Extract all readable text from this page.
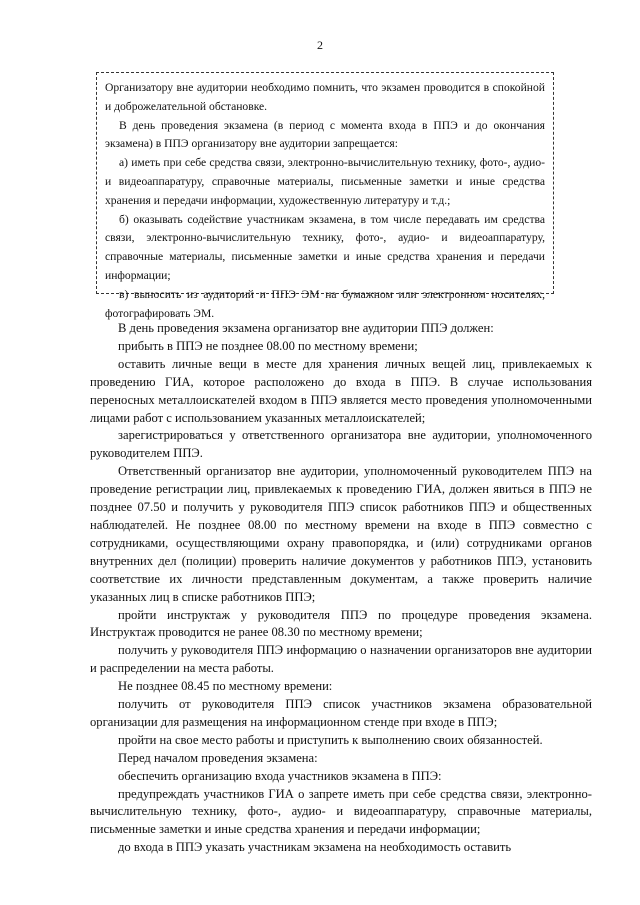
2

Организатору вне аудитории необходимо помнить, что экзамен проводится в спокойной и доброжелательной обстановке.

В день проведения экзамена (в период с момента входа в ППЭ и до окончания экзамена) в ППЭ организатору вне аудитории запрещается:

а) иметь при себе средства связи, электронно-вычислительную технику, фото-, аудио- и видеоаппаратуру, справочные материалы, письменные заметки и иные средства хранения и передачи информации, художественную литературу и т.д.;

б) оказывать содействие участникам экзамена, в том числе передавать им средства связи, электронно-вычислительную технику, фото-, аудио- и видеоаппаратуру, справочные материалы, письменные заметки и иные средства хранения и передачи информации;

в) выносить из аудиторий и ППЭ ЭМ на бумажном или электронном носителях, фотографировать ЭМ.

В день проведения экзамена организатор вне аудитории ППЭ должен:

прибыть в ППЭ не позднее 08.00 по местному времени;

оставить личные вещи в месте для хранения личных вещей лиц, привлекаемых к проведению ГИА, которое расположено до входа в ППЭ. В случае использования переносных металлоискателей входом в ППЭ является место проведения уполномоченными лицами работ с использованием указанных металлоискателей;

зарегистрироваться у ответственного организатора вне аудитории, уполномоченного руководителем ППЭ.

Ответственный организатор вне аудитории, уполномоченный руководителем ППЭ на проведение регистрации лиц, привлекаемых к проведению ГИА, должен явиться в ППЭ не позднее 07.50 и получить у руководителя ППЭ список работников ППЭ и общественных наблюдателей. Не позднее 08.00 по местному времени на входе в ППЭ совместно с сотрудниками, осуществляющими охрану правопорядка, и (или) сотрудниками органов внутренних дел (полиции) проверить наличие документов у работников ППЭ, установить соответствие их личности представленным документам, а также проверить наличие указанных лиц в списке работников ППЭ;

пройти инструктаж у руководителя ППЭ по процедуре проведения экзамена. Инструктаж проводится не ранее 08.30 по местному времени;

получить у руководителя ППЭ информацию о назначении организаторов вне аудитории и распределении на места работы.

Не позднее 08.45 по местному времени:

получить от руководителя ППЭ список участников экзамена образовательной организации для размещения на информационном стенде при входе в ППЭ;

пройти на свое место работы и приступить к выполнению своих обязанностей.

Перед началом проведения экзамена:

обеспечить организацию входа участников экзамена в ППЭ:

предупреждать участников ГИА о запрете иметь при себе средства связи, электронно-вычислительную технику, фото-, аудио- и видеоаппаратуру, справочные материалы, письменные заметки и иные средства хранения и передачи информации;

до входа в ППЭ указать участникам экзамена на необходимость оставить
